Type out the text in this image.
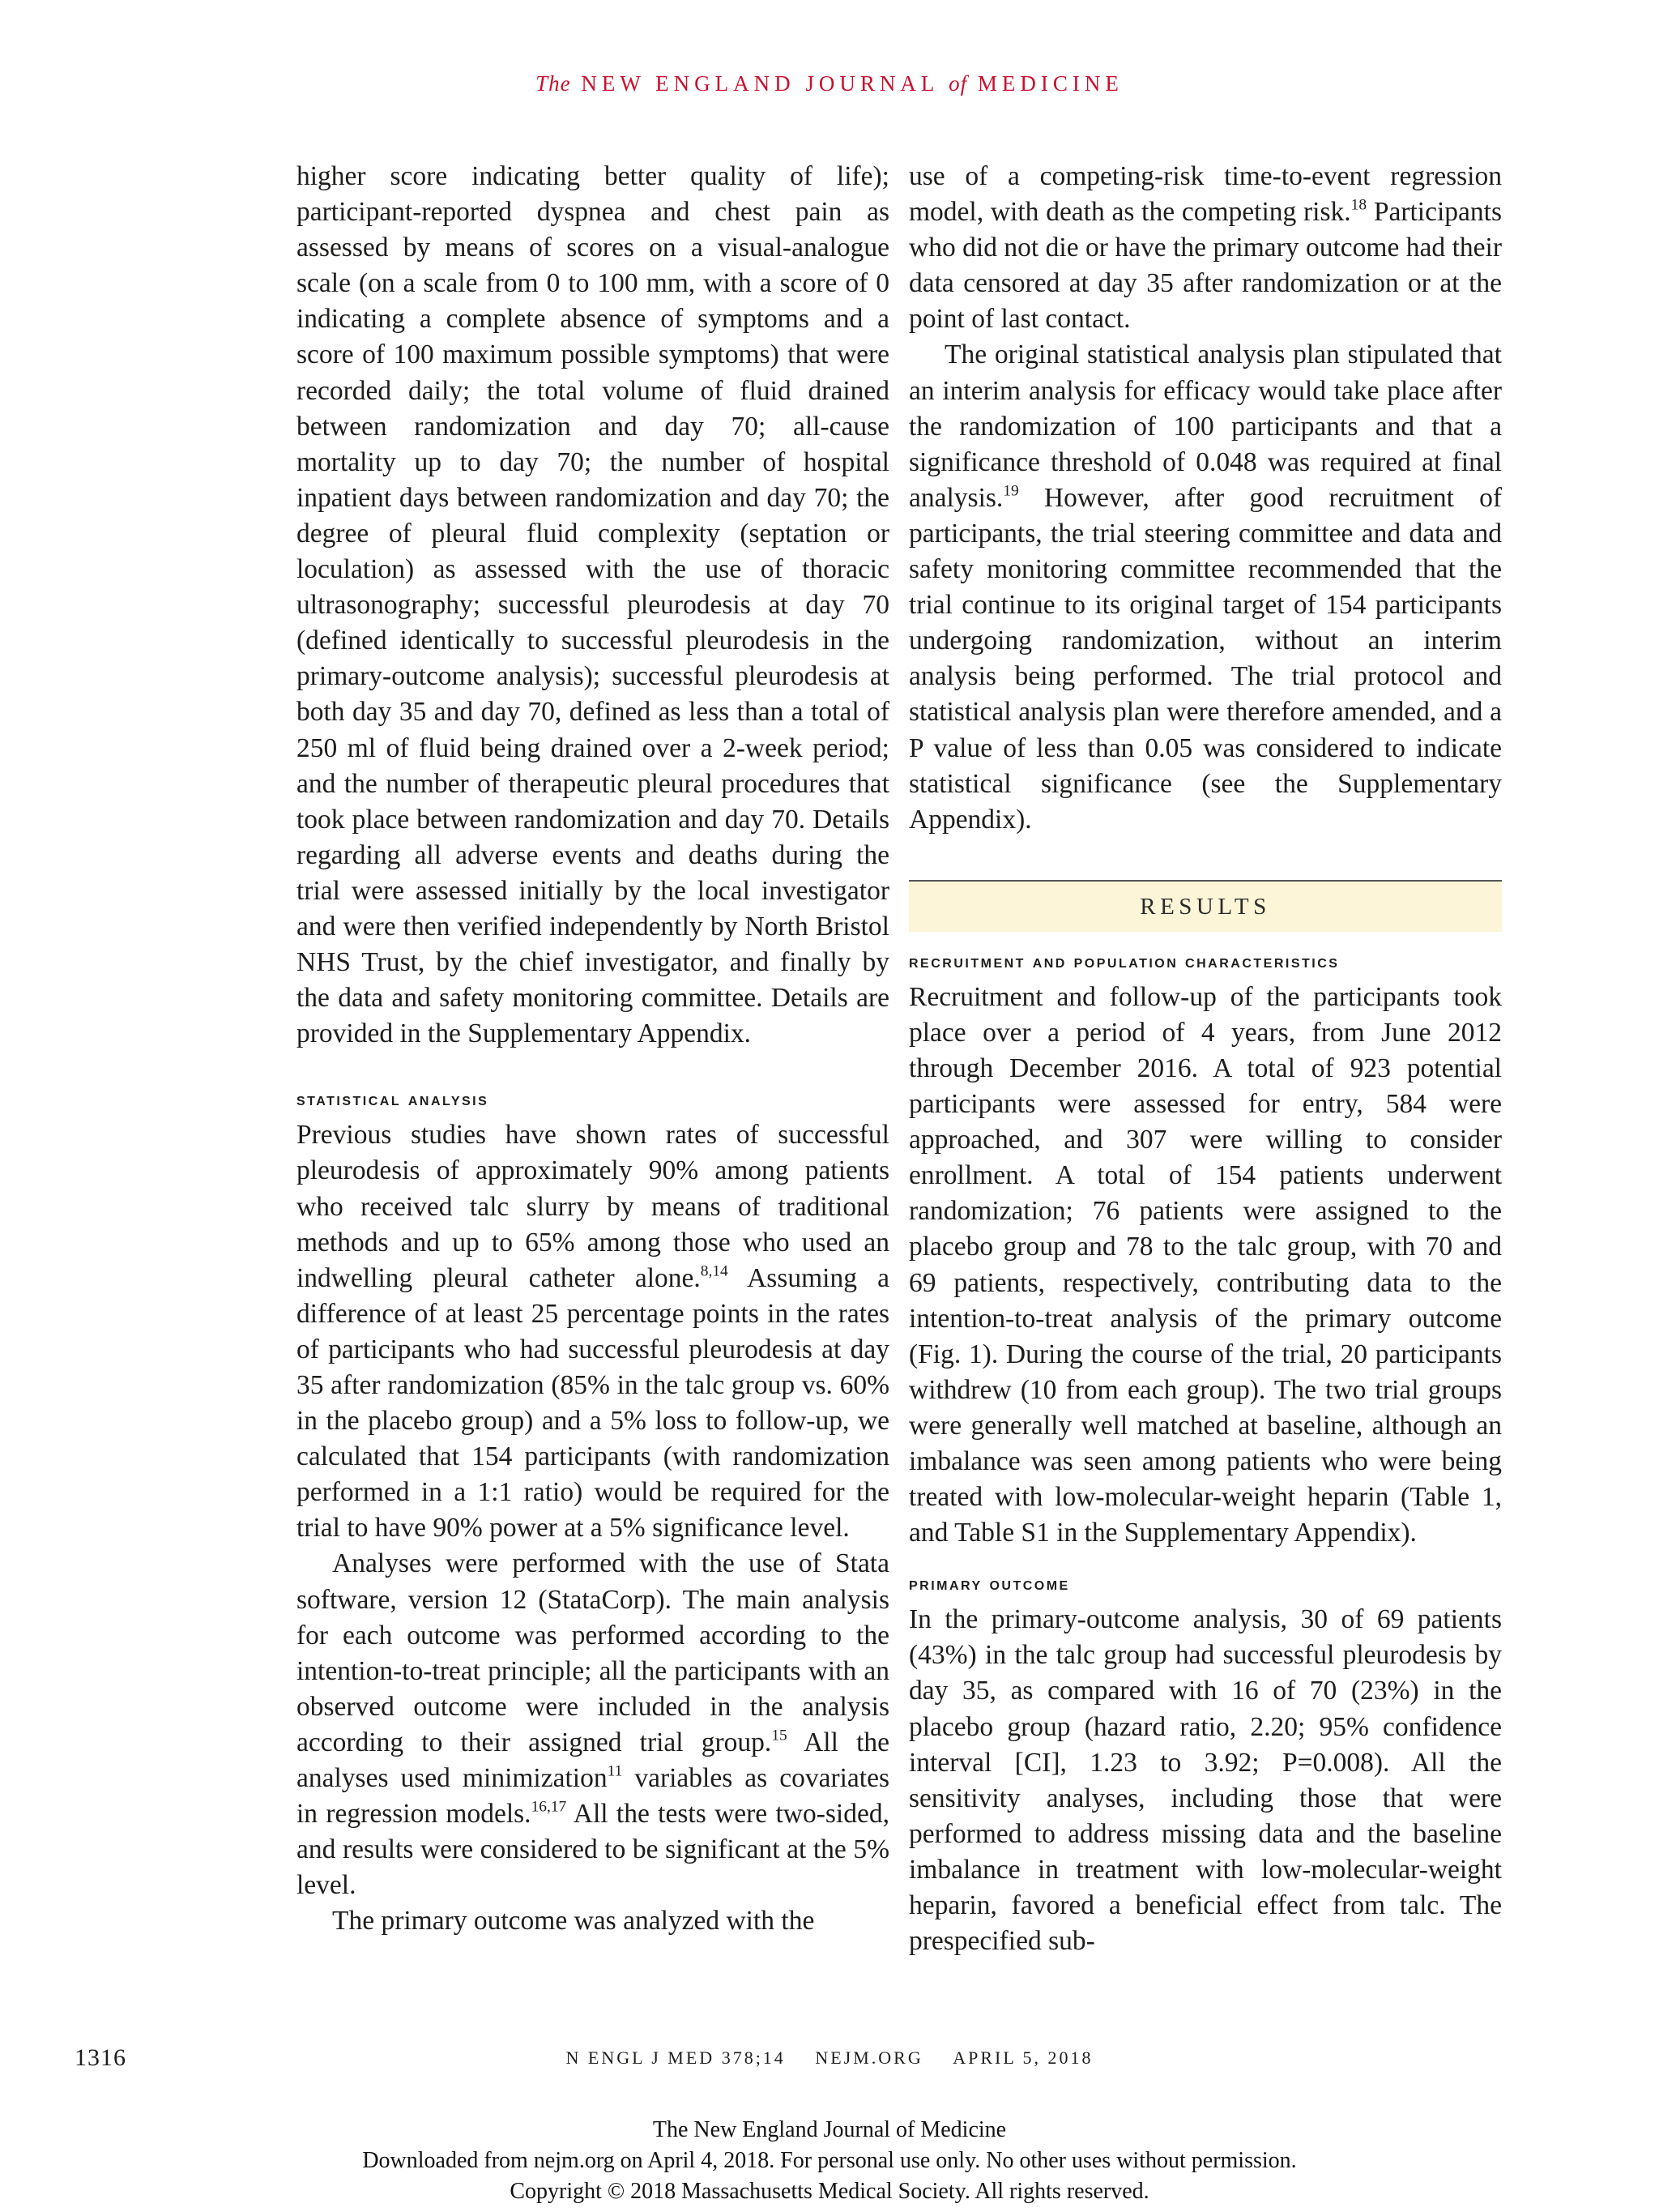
The NEW ENGLAND JOURNAL of MEDICINE

higher score indicating better quality of life); participant-reported dyspnea and chest pain as assessed by means of scores on a visual-analogue scale (on a scale from 0 to 100 mm, with a score of 0 indicating a complete absence of symptoms and a score of 100 maximum possible symptoms) that were recorded daily; the total volume of fluid drained between randomization and day 70; all-cause mortality up to day 70; the number of hospital inpatient days between randomization and day 70; the degree of pleural fluid complexity (septation or loculation) as assessed with the use of thoracic ultrasonography; successful pleurodesis at day 70 (defined identically to successful pleurodesis in the primary-outcome analysis); successful pleurodesis at both day 35 and day 70, defined as less than a total of 250 ml of fluid being drained over a 2-week period; and the number of therapeutic pleural procedures that took place between randomization and day 70. Details regarding all adverse events and deaths during the trial were assessed initially by the local investigator and were then verified independently by North Bristol NHS Trust, by the chief investigator, and finally by the data and safety monitoring committee. Details are provided in the Supplementary Appendix.

statistical analysis

Previous studies have shown rates of successful pleurodesis of approximately 90% among patients who received talc slurry by means of traditional methods and up to 65% among those who used an indwelling pleural catheter alone.$^{8,14}$ Assuming a difference of at least 25 percentage points in the rates of participants who had successful pleurodesis at day 35 after randomization (85% in the talc group vs. 60% in the placebo group) and a 5% loss to follow-up, we calculated that 154 participants (with randomization performed in a 1:1 ratio) would be required for the trial to have 90% power at a 5% significance level.

Analyses were performed with the use of Stata software, version 12 (StataCorp). The main analysis for each outcome was performed according to the intention-to-treat principle; all the participants with an observed outcome were included in the analysis according to their assigned trial group.$^{15}$ All the analyses used minimization$^{11}$ variables as covariates in regression models.$^{16,17}$ All the tests were two-sided, and results were considered to be significant at the 5% level.

The primary outcome was analyzed with the

use of a competing-risk time-to-event regression model, with death as the competing risk.$^{18}$ Participants who did not die or have the primary outcome had their data censored at day 35 after randomization or at the point of last contact.

The original statistical analysis plan stipulated that an interim analysis for efficacy would take place after the randomization of 100 participants and that a significance threshold of 0.048 was required at final analysis.$^{19}$ However, after good recruitment of participants, the trial steering committee and data and safety monitoring committee recommended that the trial continue to its original target of 154 participants undergoing randomization, without an interim analysis being performed. The trial protocol and statistical analysis plan were therefore amended, and a P value of less than 0.05 was considered to indicate statistical significance (see the Supplementary Appendix).

RESULTS
recruitment and population characteristics

Recruitment and follow-up of the participants took place over a period of 4 years, from June 2012 through December 2016. A total of 923 potential participants were assessed for entry, 584 were approached, and 307 were willing to consider enrollment. A total of 154 patients underwent randomization; 76 patients were assigned to the placebo group and 78 to the talc group, with 70 and 69 patients, respectively, contributing data to the intention-to-treat analysis of the primary outcome (Fig. 1). During the course of the trial, 20 participants withdrew (10 from each group). The two trial groups were generally well matched at baseline, although an imbalance was seen among patients who were being treated with low-molecular-weight heparin (Table 1, and Table S1 in the Supplementary Appendix).

primary outcome

In the primary-outcome analysis, 30 of 69 patients (43%) in the talc group had successful pleurodesis by day 35, as compared with 16 of 70 (23%) in the placebo group (hazard ratio, 2.20; 95% confidence interval [CI], 1.23 to 3.92; P=0.008). All the sensitivity analyses, including those that were performed to address missing data and the baseline imbalance in treatment with low-molecular-weight heparin, favored a beneficial effect from talc. The prespecified sub-

1316	N ENGL J MED 378;14 NEJM.ORG APRIL 5, 2018
The New England Journal of Medicine
Downloaded from nejm.org on April 4, 2018. For personal use only. No other uses without permission.
Copyright © 2018 Massachusetts Medical Society. All rights reserved.
